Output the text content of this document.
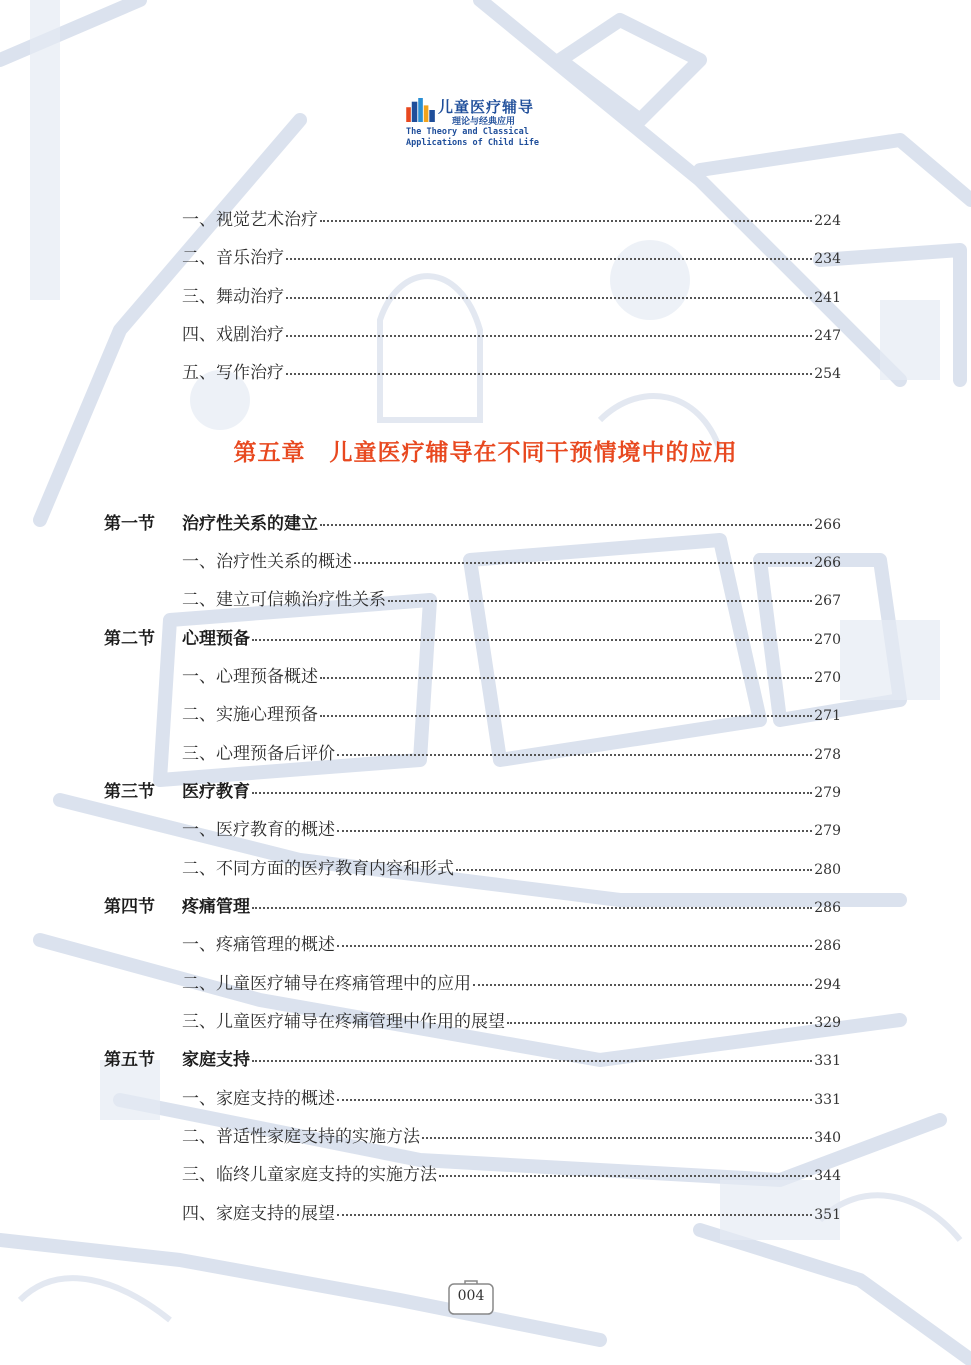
儿童医疗辅导
理论与经典应用
The Theory and Classical
Applications of Child Life
一、视觉艺术治疗	224
二、音乐治疗	234
三、舞动治疗	241
四、戏剧治疗	247
五、写作治疗	254
第五章　儿童医疗辅导在不同干预情境中的应用
第一节 治疗性关系的建立	266
一、治疗性关系的概述	266
二、建立可信赖治疗性关系	267
第二节 心理预备	270
一、心理预备概述	270
二、实施心理预备	271
三、心理预备后评价	278
第三节 医疗教育	279
一、医疗教育的概述	279
二、不同方面的医疗教育内容和形式	280
第四节 疼痛管理	286
一、疼痛管理的概述	286
二、儿童医疗辅导在疼痛管理中的应用	294
三、儿童医疗辅导在疼痛管理中作用的展望	329
第五节 家庭支持	331
一、家庭支持的概述	331
二、普适性家庭支持的实施方法	340
三、临终儿童家庭支持的实施方法	344
四、家庭支持的展望	351
004
